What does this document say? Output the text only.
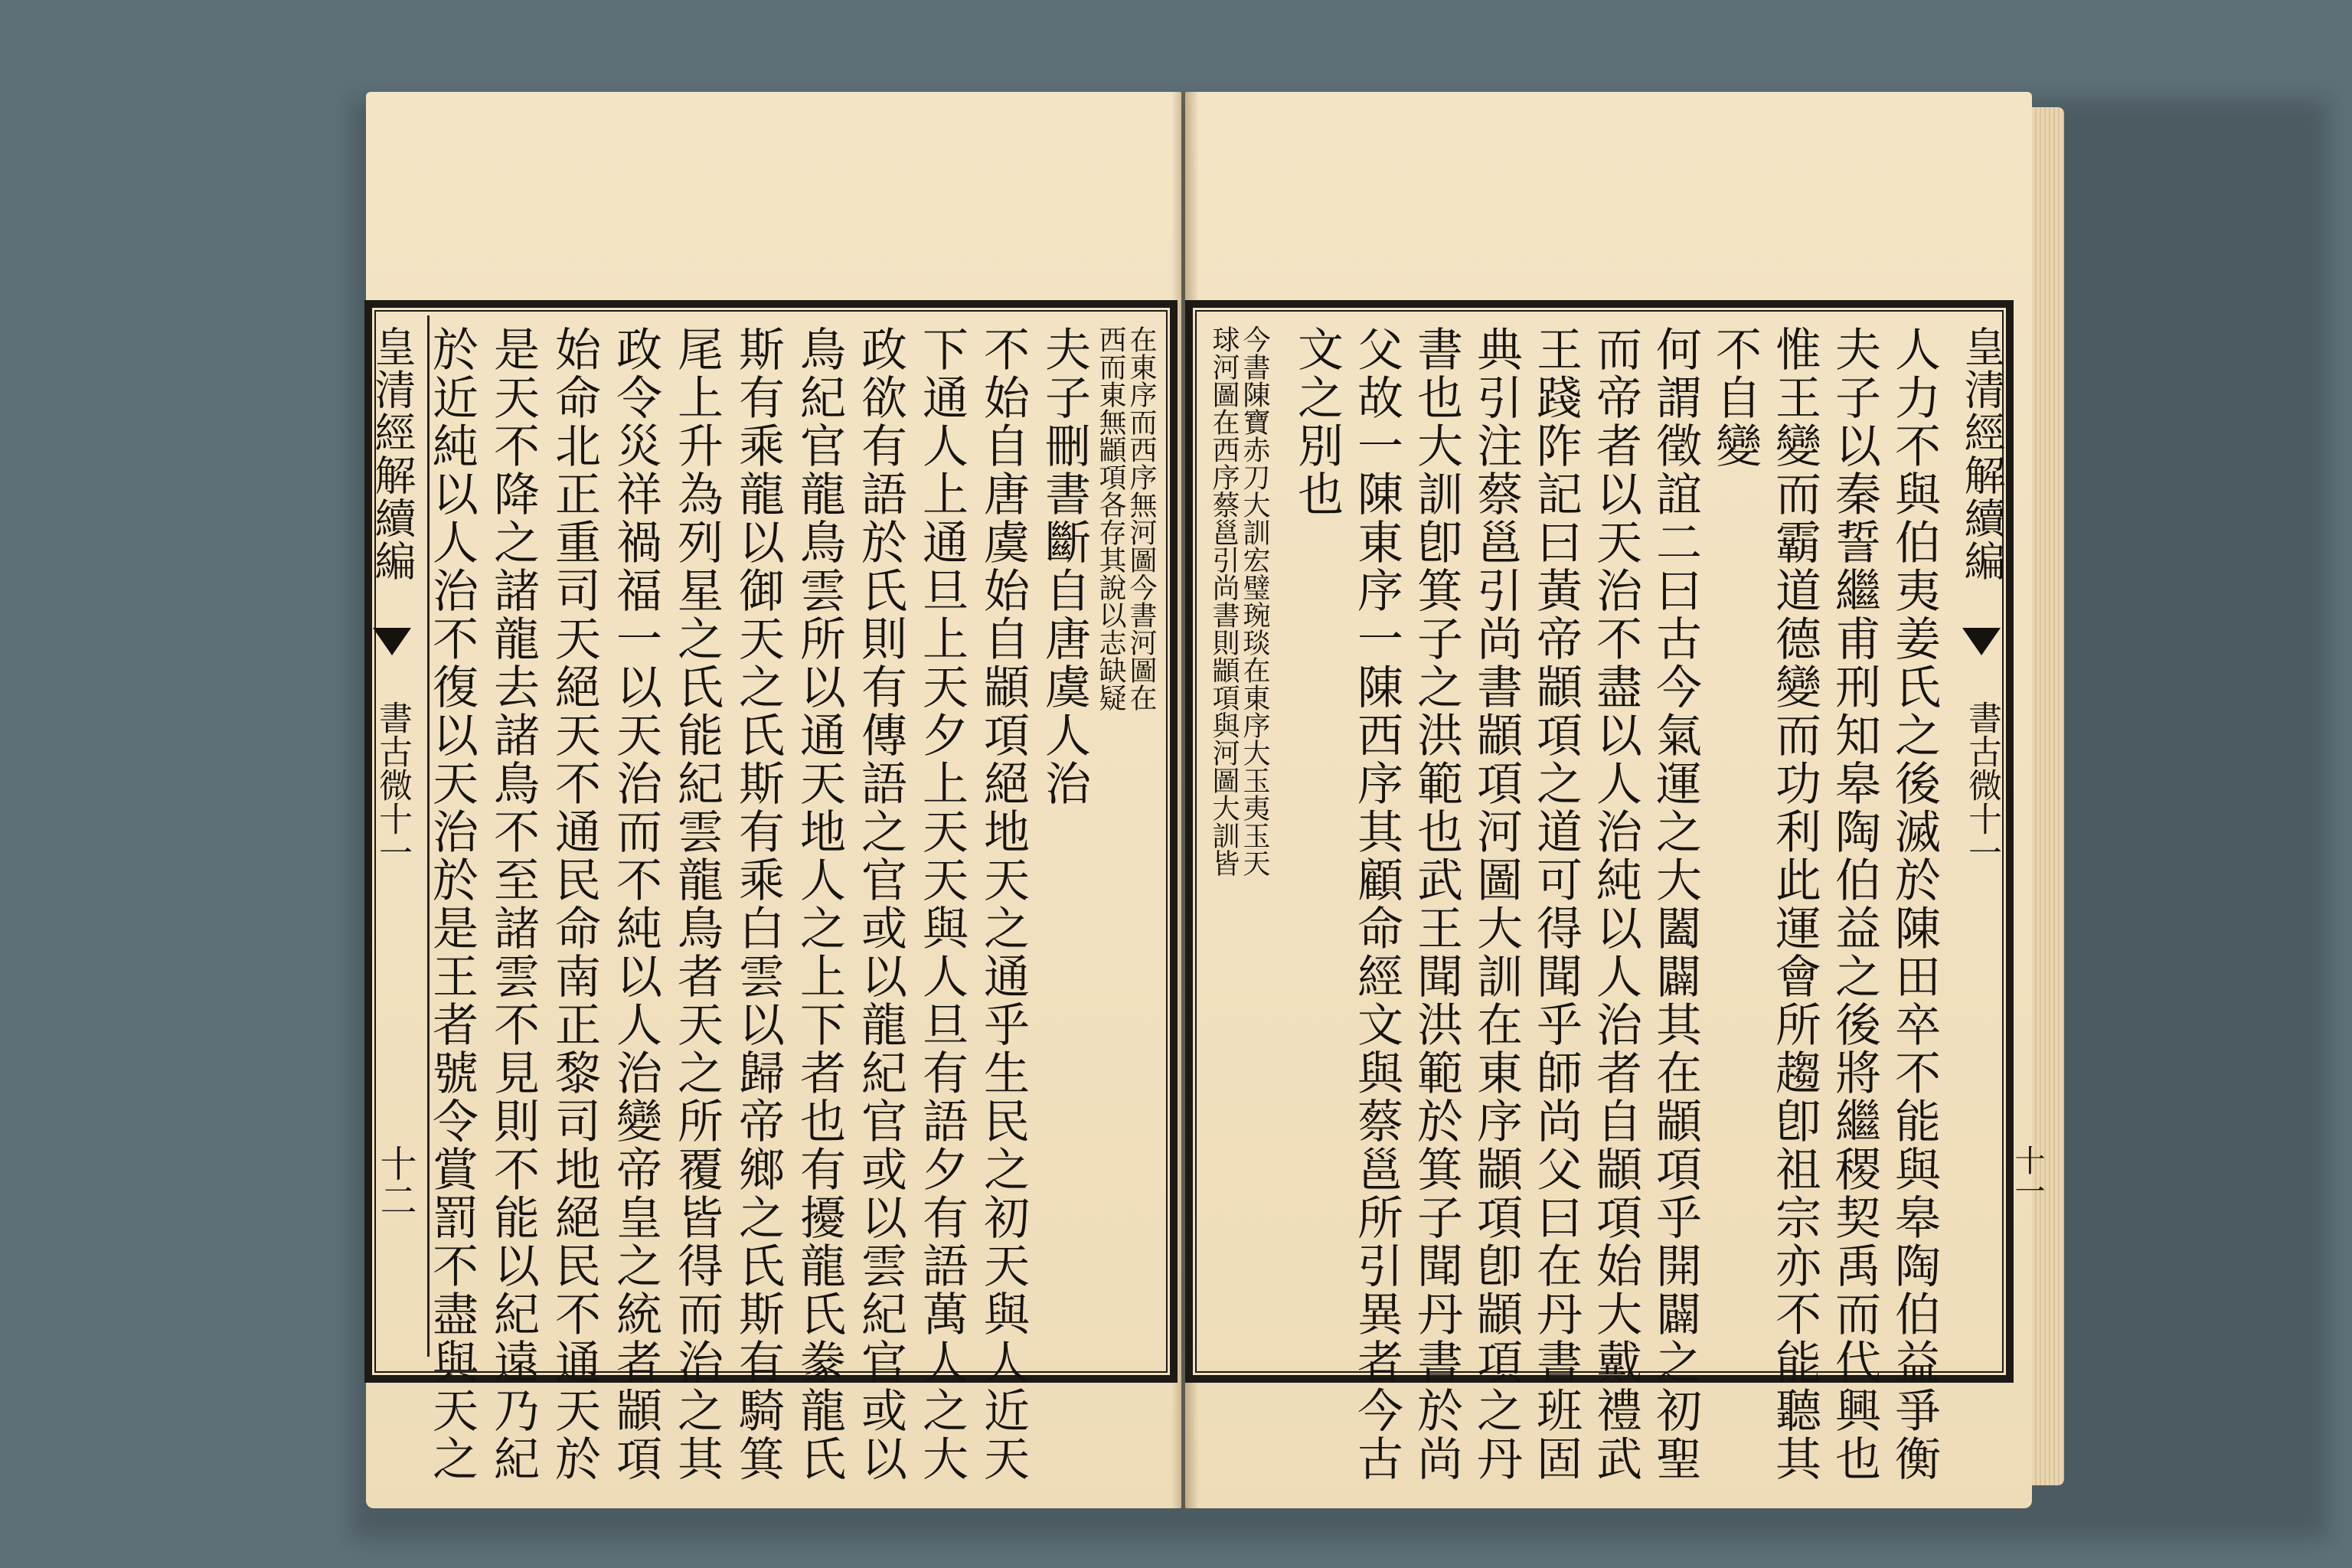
皇清經解續編  書古微十一
十二
夫子刪書斷自唐虞人治
不始自唐虞始自顓項絕地天之通乎生民之初天與人近天
下通人上通旦上天夕上天天與人旦有語夕有語萬人之大
政欲有語於氏則有傳語之官或以龍紀官或以雲紀官或以
鳥紀官龍鳥雲所以通天地人之上下者也有擾龍氏豢龍氏
斯有乘龍以御天之氏斯有乘白雲以歸帝鄉之氏斯有騎箕
尾上升為列星之氏能紀雲龍鳥者天之所覆皆得而治之其
政令災祥禍福一以天治而不純以人治變帝皇之統者顓項
始命北正重司天絕天不通民命南正黎司地絕民不通天於
是天不降之諸龍去諸鳥不至諸雲不見則不能以紀遠乃紀
於近純以人治不復以天治於是王者號令賞罰不盡與天之	在東序而西序無河圖今書河圖在
西而東無顓項各存其說以志缺疑	皇清經解續編  書古微十一
十一
人力不與伯夷姜氏之後滅於陳田卒不能與皋陶伯益爭衡
夫子以秦誓繼甫刑知皋陶伯益之後將繼稷契禹而代興也
惟王變而霸道德變而功利此運會所趨卽祖宗亦不能聽其
不自變
何謂徵誼二曰古今氣運之大闔闢其在顓項乎開闢之初聖
而帝者以天治不盡以人治純以人治者自顓項始大戴禮武
王踐阼記曰黃帝顓項之道可得聞乎師尚父曰在丹書班固
典引注蔡邕引尚書顓項河圖大訓在東序顓項卽顓項之丹
書也大訓卽箕子之洪範也武王聞洪範於箕子聞丹書於尚
父故一陳東序一陳西序其顧命經文與蔡邕所引異者今古
文之別也
今書陳寶赤刀大訓宏璧琬琰在東序大玉夷玉天
球河圖在西序蔡邕引尚書則顓項與河圖大訓皆
